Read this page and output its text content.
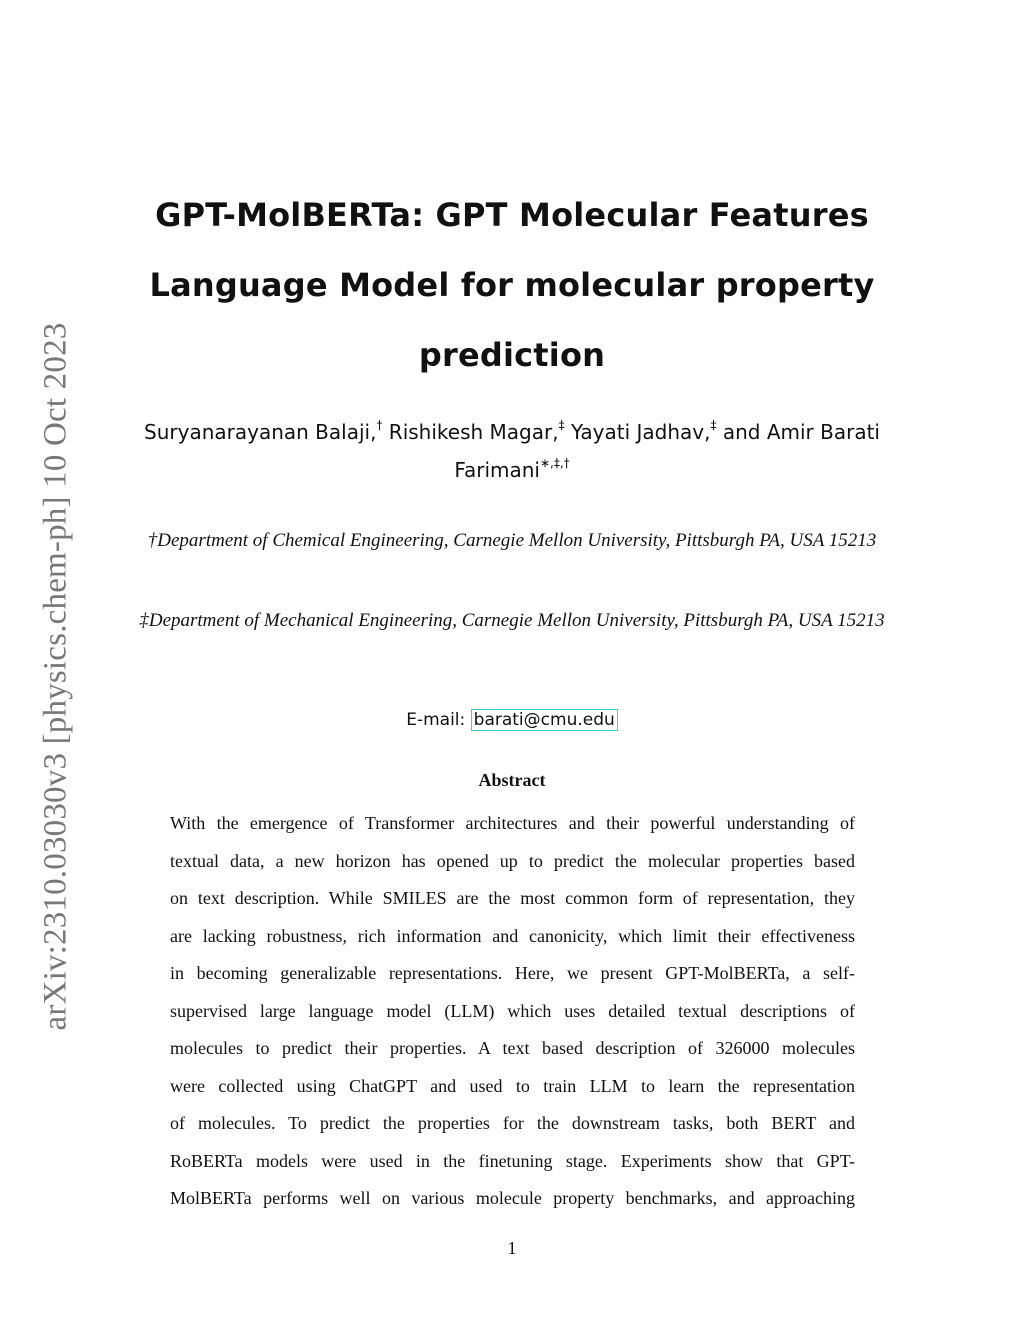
arXiv:2310.03030v3 [physics.chem-ph] 10 Oct 2023
GPT-MolBERTa: GPT Molecular Features Language Model for molecular property prediction

Suryanarayanan Balaji,† Rishikesh Magar,‡ Yayati Jadhav,‡ and Amir Barati Farimani∗,‡,†

†Department of Chemical Engineering, Carnegie Mellon University, Pittsburgh PA, USA 15213

‡Department of Mechanical Engineering, Carnegie Mellon University, Pittsburgh PA, USA 15213

E-mail: barati@cmu.edu
Abstract
With the emergence of Transformer architectures and their powerful understanding of
textual data, a new horizon has opened up to predict the molecular properties based
on text description. While SMILES are the most common form of representation, they
are lacking robustness, rich information and canonicity, which limit their effectiveness
in becoming generalizable representations. Here, we present GPT-MolBERTa, a self-
supervised large language model (LLM) which uses detailed textual descriptions of
molecules to predict their properties. A text based description of 326000 molecules
were collected using ChatGPT and used to train LLM to learn the representation
of molecules. To predict the properties for the downstream tasks, both BERT and
RoBERTa models were used in the finetuning stage. Experiments show that GPT-
MolBERTa performs well on various molecule property benchmarks, and approaching
1
